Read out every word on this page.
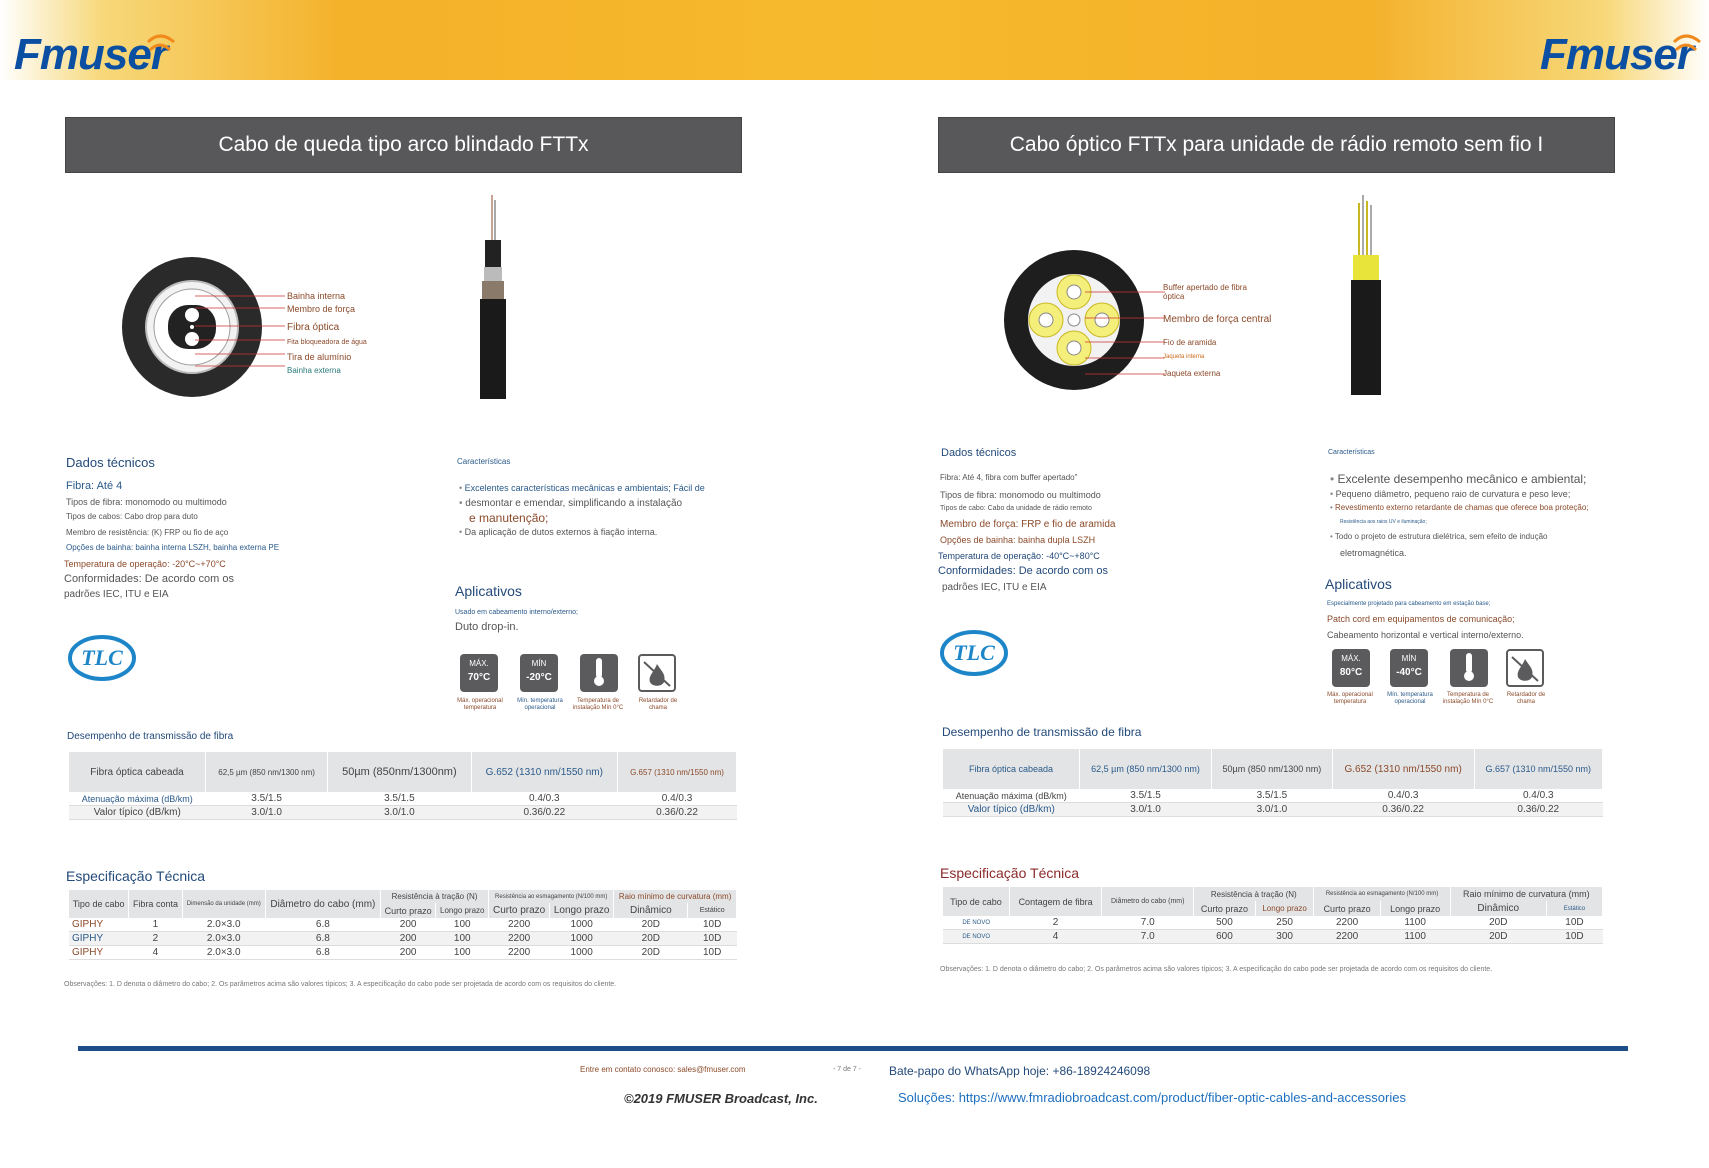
Fmuser	Fmuser
Cabo de queda tipo arco blindado FTTx	Cabo óptico FTTx para unidade de rádio remoto sem fio I
Bainha interna
Membro de força
Fibra óptica
Fita bloqueadora de água
Tira de alumínio
Bainha externa
Buffer apertado de fibra óptica
Membro de força central
Fio de aramida
Jaqueta interna
Jaqueta externa
Dados técnicos
Fibra: Até 4
Tipos de fibra: monomodo ou multimodo
Tipos de cabos: Cabo drop para duto
Membro de resistência: (K) FRP ou fio de aço
Opções de bainha: bainha interna LSZH, bainha externa PE
Temperatura de operação: -20°C~+70°C
Conformidades: De acordo com os
padrões IEC, ITU e EIA
Características
• Excelentes características mecânicas e ambientais; Fácil de
• desmontar e emendar, simplificando a instalação
e manutenção;
• Da aplicação de dutos externos à fiação interna.
Aplicativos
Usado em cabeamento interno/externo;
Duto drop-in.
MÁX.
70°C
MÍN
-20°C
Máx. operacional temperatura
Mín. temperatura operacional
Temperatura de instalação Mín 0°C
Retardador de chama
TLC	TLC
Desempenho de transmissão de fibra
Fibra óptica cabeada	62,5 µm (850 nm/1300 nm)	50µm (850nm/1300nm)	G.652 (1310 nm/1550 nm)	G.657 (1310 nm/1550 nm)
Atenuação máxima (dB/km)	3.5/1.5	3.5/1.5	0.4/0.3	0.4/0.3
Valor típico (dB/km)	3.0/1.0	3.0/1.0	0.36/0.22	0.36/0.22
Especificação Técnica
Tipo de cabo	Fibra conta	Dimensão da unidade (mm)	Diâmetro do cabo (mm)	Resistência à tração (N)		Resistência ao esmagamento (N/100 mm)		Raio mínimo de curvatura (mm)	
				Curto prazo	Longo prazo	Curto prazo	Longo prazo	Dinâmico	Estático
GIPHY	1	2.0×3.0	6.8	200	100	2200	1000	20D	10D
GIPHY	2	2.0×3.0	6.8	200	100	2200	1000	20D	10D
GIPHY	4	2.0×3.0	6.8	200	100	2200	1000	20D	10D
Observações: 1. D denota o diâmetro do cabo; 2. Os parâmetros acima são valores típicos; 3. A especificação do cabo pode ser projetada de acordo com os requisitos do cliente.
Dados técnicos
Fibra: Até 4, fibra com buffer apertado"
Tipos de fibra: monomodo ou multimodo
Tipos de cabo: Cabo da unidade de rádio remoto
Membro de força: FRP e fio de aramida
Opções de bainha: bainha dupla LSZH
Temperatura de operação: -40°C~+80°C
Conformidades: De acordo com os
padrões IEC, ITU e EIA
Características
• Excelente desempenho mecânico e ambiental;
• Pequeno diâmetro, pequeno raio de curvatura e peso leve;
• Revestimento externo retardante de chamas que oferece boa proteção;
Resistência aos raios UV e iluminação;
• Todo o projeto de estrutura dielétrica, sem efeito de indução
eletromagnética.
Aplicativos
Especialmente projetado para cabeamento em estação base;
Patch cord em equipamentos de comunicação;
Cabeamento horizontal e vertical interno/externo.
MÁX.
80°C
MÍN
-40°C
Máx. operacional temperatura
Mín. temperatura operacional
Temperatura de instalação Mín 0°C
Retardador de chama
Desempenho de transmissão de fibra
Fibra óptica cabeada	62,5 µm (850 nm/1300 nm)	50µm (850 nm/1300 nm)	G.652 (1310 nm/1550 nm)	G.657 (1310 nm/1550 nm)
Atenuação máxima (dB/km)	3.5/1.5	3.5/1.5	0.4/0.3	0.4/0.3
Valor típico (dB/km)	3.0/1.0	3.0/1.0	0.36/0.22	0.36/0.22
Especificação Técnica
Tipo de cabo	Contagem de fibra	Diâmetro do cabo (mm)	Resistência à tração (N)		Resistência ao esmagamento (N/100 mm)		Raio mínimo de curvatura (mm)	
			Curto prazo	Longo prazo	Curto prazo	Longo prazo	Dinâmico	Estático
DE NOVO	2	7.0	500	250	2200	1100	20D	10D
DE NOVO	4	7.0	600	300	2200	1100	20D	10D
Observações: 1. D denota o diâmetro do cabo; 2. Os parâmetros acima são valores típicos; 3. A especificação do cabo pode ser projetada de acordo com os requisitos do cliente.
Entre em contato conosco: sales@fmuser.com	- 7 de 7 - Bate-papo do WhatsApp hoje: +86-18924246098
©2019 FMUSER Broadcast, Inc.	Soluções: https://www.fmradiobroadcast.com/product/fiber-optic-cables-and-accessories
